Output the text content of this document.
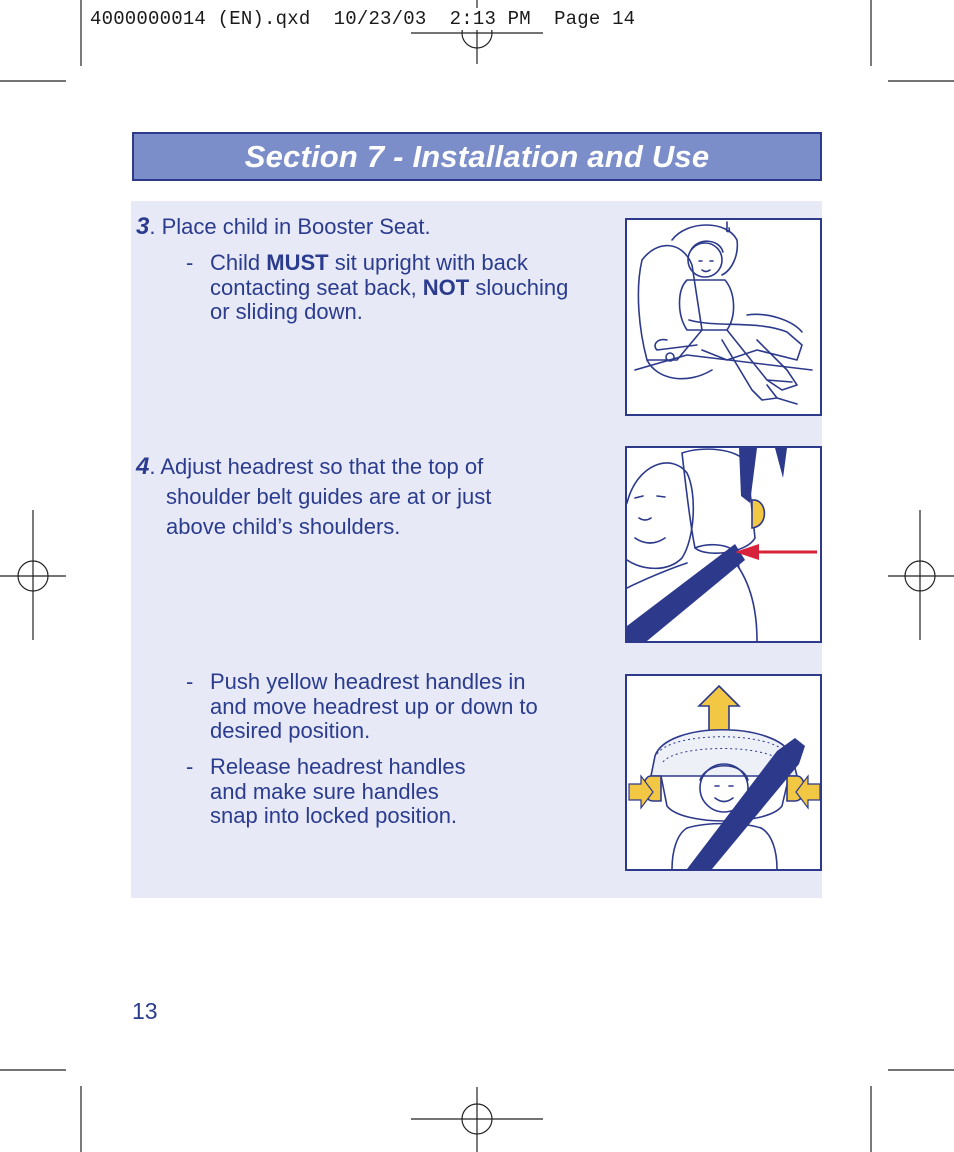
4000000014 (EN).qxd  10/23/03  2:13 PM  Page 14
Section 7 - Installation and Use
3. Place child in Booster Seat.
- Child MUST sit upright with back
contacting seat back, NOT slouching
or sliding down.
4. Adjust headrest so that the top of
shoulder belt guides are at or just
above child’s shoulders.
- Push yellow headrest handles in
and move headrest up or down to
desired position.
- Release headrest handles
and make sure handles
snap into locked position.
13
